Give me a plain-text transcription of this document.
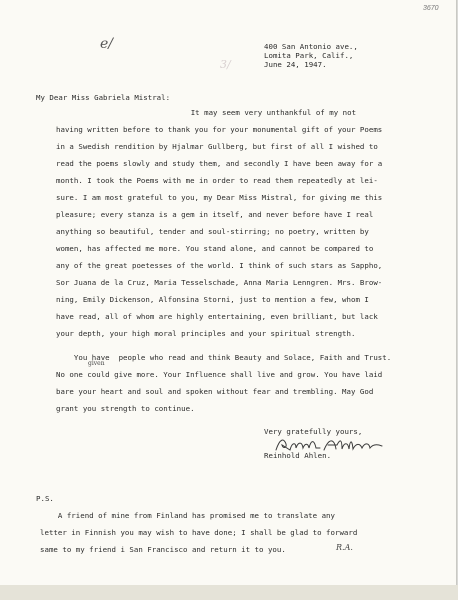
3670
e/
3/
400 San Antonio ave.,
Lomita Park, Calif.,
June 24, 1947.
My Dear Miss Gabriela Mistral:
It may seem very unthankful of my not
having written before to thank you for your monumental gift of your Poems
in a Swedish rendition by Hjalmar Gullberg, but first of all I wished to
read the poems slowly and study them, and secondly I have been away for a
month. I took the Poems with me in order to read them repeatedly at lei-
sure. I am most grateful to you, my Dear Miss Mistral, for giving me this
pleasure; every stanza is a gem in itself, and never before have I real
anything so beautiful, tender and soul-stirring; no poetry, written by
women, has affected me more. You stand alone, and cannot be compared to
any of the great poetesses of the world. I think of such stars as Sappho,
Sor Juana de la Cruz, Maria Tesselschade, Anna Maria Lenngren. Mrs. Brow-
ning, Emily Dickenson, Alfonsina Storni, just to mention a few, whom I
have read, all of whom are highly entertaining, even brilliant, but lack
your depth, your high moral principles and your spiritual strength.
You have  people who read and think Beauty and Solace, Faith and Trust.
No one could give more. Your Influence shall live and grow. You have laid
bare your heart and soul and spoken without fear and trembling. May God
grant you strength to continue.
given
Very gratefully yours,
Reinhold Ahlen.
P.S.
A friend of mine from Finland has promised me to translate any
letter in Finnish you may wish to have done; I shall be glad to forward
same to my friend i San Francisco and return it to you.	R.A.
